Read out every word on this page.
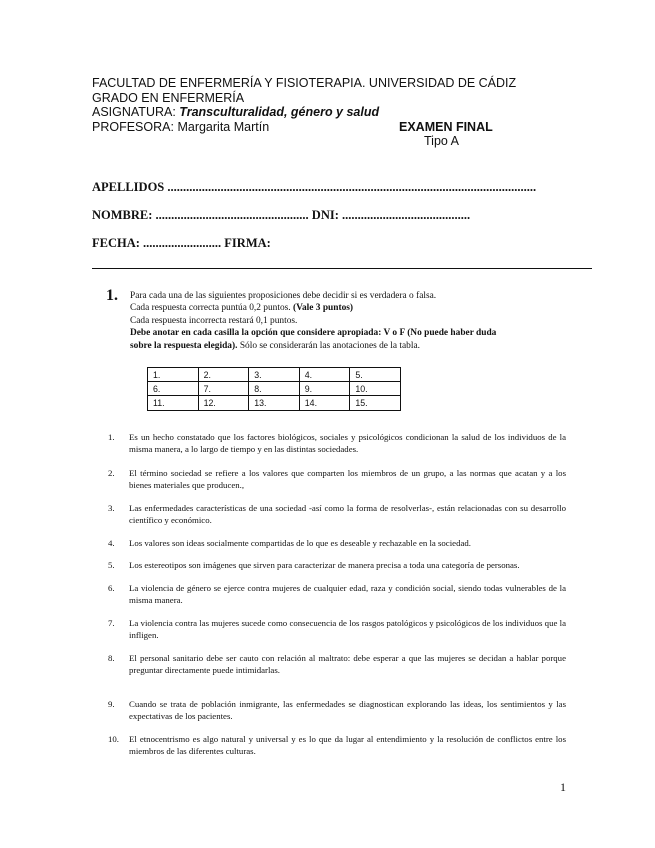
FACULTAD DE ENFERMERÍA Y FISIOTERAPIA. UNIVERSIDAD DE CÁDIZ
GRADO EN ENFERMERÍA
ASIGNATURA: Transculturalidad, género y salud
PROFESORA: Margarita Martín	EXAMEN FINAL
Tipo A
APELLIDOS ......................................................................................................................
NOMBRE: ................................................. DNI: .........................................
FECHA: ......................... FIRMA:
1. Para cada una de las siguientes proposiciones debe decidir si es verdadera o falsa.

Cada respuesta correcta puntúa 0,2 puntos. (Vale 3 puntos)

Cada respuesta incorrecta restará 0,1 puntos.

Debe anotar en cada casilla la opción que considere apropiada: V o F (No puede haber duda

sobre la respuesta elegida). Sólo se considerarán las anotaciones de la tabla.

1.	2.	3.	4.	5.
6.	7.	8.	9.	10.
11.	12.	13.	14.	15.
1. Es un hecho constatado que los factores biológicos, sociales y psicológicos condicionan la salud de los individuos de la misma manera, a lo largo de tiempo y en las distintas sociedades.
2. El término sociedad se refiere a los valores que comparten los miembros de un grupo, a las normas que acatan y a los bienes materiales que producen.,
3. Las enfermedades características de una sociedad -así como la forma de resolverlas-, están relacionadas con su desarrollo científico y económico.
4. Los valores son ideas socialmente compartidas de lo que es deseable y rechazable en la sociedad.
5. Los estereotipos son imágenes que sirven para caracterizar de manera precisa a toda una categoría de personas.
6. La violencia de género se ejerce contra mujeres de cualquier edad, raza y condición social, siendo todas vulnerables de la misma manera.
7. La violencia contra las mujeres sucede como consecuencia de los rasgos patológicos y psicológicos de los individuos que la infligen.
8. El personal sanitario debe ser cauto con relación al maltrato: debe esperar a que las mujeres se decidan a hablar porque preguntar directamente puede intimidarlas.
9. Cuando se trata de población inmigrante, las enfermedades se diagnostican explorando las ideas, los sentimientos y las expectativas de los pacientes.
10. El etnocentrismo es algo natural y universal y es lo que da lugar al entendimiento y la resolución de conflictos entre los miembros de las diferentes culturas.
1
